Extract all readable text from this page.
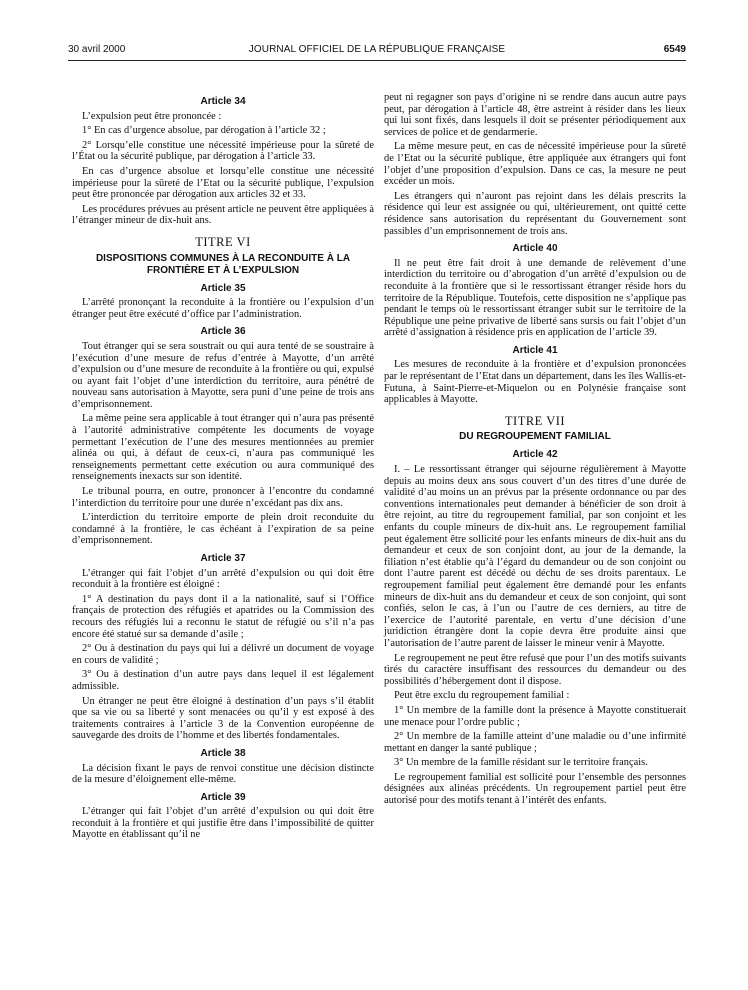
30 avril 2000	JOURNAL OFFICIEL DE LA RÉPUBLIQUE FRANÇAISE	6549
Article 34

L’expulsion peut être prononcée :

1° En cas d’urgence absolue, par dérogation à l’article 32 ;

2° Lorsqu’elle constitue une nécessité impérieuse pour la sûreté de l’État ou la sécurité publique, par dérogation à l’article 33.

En cas d’urgence absolue et lorsqu’elle constitue une nécessité impérieuse pour la sûreté de l’Etat ou la sécurité publique, l’expulsion peut être prononcée par dérogation aux articles 32 et 33.

Les procédures prévues au présent article ne peuvent être appliquées à l’étranger mineur de dix-huit ans.

TITRE VI
DISPOSITIONS COMMUNES À LA RECONDUITE À LA FRONTIÈRE ET À L’EXPULSION
Article 35

L’arrêté prononçant la reconduite à la frontière ou l’expulsion d’un étranger peut être exécuté d’office par l’administration.

Article 36

Tout étranger qui se sera soustrait ou qui aura tenté de se soustraire à l’exécution d’une mesure de refus d’entrée à Mayotte, d’un arrêté d’expulsion ou d’une mesure de reconduite à la frontière ou qui, expulsé ou ayant fait l’objet d’une interdiction du territoire, aura pénétré de nouveau sans autorisation à Mayotte, sera puni d’une peine de trois ans d’emprisonnement.

La même peine sera applicable à tout étranger qui n’aura pas présenté à l’autorité administrative compétente les documents de voyage permettant l’exécution de l’une des mesures mentionnées au premier alinéa ou qui, à défaut de ceux-ci, n’aura pas communiqué les renseignements permettant cette exécution ou aura communiqué des renseignements inexacts sur son identité.

Le tribunal pourra, en outre, prononcer à l’encontre du condamné l’interdiction du territoire pour une durée n’excédant pas dix ans.

L’interdiction du territoire emporte de plein droit reconduite du condamné à la frontière, le cas échéant à l’expiration de sa peine d’emprisonnement.

Article 37

L’étranger qui fait l’objet d’un arrêté d’expulsion ou qui doit être reconduit à la frontière est éloigné :

1° A destination du pays dont il a la nationalité, sauf si l’Office français de protection des réfugiés et apatrides ou la Commission des recours des réfugiés lui a reconnu le statut de réfugié ou s’il n’a pas encore été statué sur sa demande d’asile ;

2° Ou à destination du pays qui lui a délivré un document de voyage en cours de validité ;

3° Ou à destination d’un autre pays dans lequel il est légalement admissible.

Un étranger ne peut être éloigné à destination d’un pays s’il établit que sa vie ou sa liberté y sont menacées ou qu’il y est exposé à des traitements contraires à l’article 3 de la Convention européenne de sauvegarde des droits de l’homme et des libertés fondamentales.

Article 38

La décision fixant le pays de renvoi constitue une décision distincte de la mesure d’éloignement elle-même.

Article 39

L’étranger qui fait l’objet d’un arrêté d’expulsion ou qui doit être reconduit à la frontière et qui justifie être dans l’impossibilité de quitter Mayotte en établissant qu’il ne

peut ni regagner son pays d’origine ni se rendre dans aucun autre pays peut, par dérogation à l’article 48, être astreint à résider dans les lieux qui lui sont fixés, dans lesquels il doit se présenter périodiquement aux services de police et de gendarmerie.

La même mesure peut, en cas de nécessité impérieuse pour la sûreté de l’Etat ou la sécurité publique, être appliquée aux étrangers qui font l’objet d’une proposition d’expulsion. Dans ce cas, la mesure ne peut excéder un mois.

Les étrangers qui n’auront pas rejoint dans les délais prescrits la résidence qui leur est assignée ou qui, ultérieurement, ont quitté cette résidence sans autorisation du représentant du Gouvernement sont passibles d’un emprisonnement de trois ans.

Article 40

Il ne peut être fait droit à une demande de relèvement d’une interdiction du territoire ou d’abrogation d’un arrêté d’expulsion ou de reconduite à la frontière que si le ressortissant étranger réside hors du territoire de la République. Toutefois, cette disposition ne s’applique pas pendant le temps où le ressortissant étranger subit sur le territoire de la République une peine privative de liberté sans sursis ou fait l’objet d’un arrêté d’assignation à résidence pris en application de l’article 39.

Article 41

Les mesures de reconduite à la frontière et d’expulsion prononcées par le représentant de l’Etat dans un département, dans les îles Wallis-et-Futuna, à Saint-Pierre-et-Miquelon ou en Polynésie française sont applicables à Mayotte.

TITRE VII
DU REGROUPEMENT FAMILIAL
Article 42

I. – Le ressortissant étranger qui séjourne régulièrement à Mayotte depuis au moins deux ans sous couvert d’un des titres d’une durée de validité d’au moins un an prévus par la présente ordonnance ou par des conventions internationales peut demander à bénéficier de son droit à être rejoint, au titre du regroupement familial, par son conjoint et les enfants du couple mineurs de dix-huit ans. Le regroupement familial peut également être sollicité pour les enfants mineurs de dix-huit ans du demandeur et ceux de son conjoint dont, au jour de la demande, la filiation n’est établie qu’à l’égard du demandeur ou de son conjoint ou dont l’autre parent est décédé ou déchu de ses droits parentaux. Le regroupement familial peut également être demandé pour les enfants mineurs de dix-huit ans du demandeur et ceux de son conjoint, qui sont confiés, selon le cas, à l’un ou l’autre de ces derniers, au titre de l’exercice de l’autorité parentale, en vertu d’une décision d’une juridiction étrangère dont la copie devra être produite ainsi que l’autorisation de l’autre parent de laisser le mineur venir à Mayotte.

Le regroupement ne peut être refusé que pour l’un des motifs suivants tirés du caractère insuffisant des ressources du demandeur ou des possibilités d’hébergement dont il dispose.

Peut être exclu du regroupement familial :

1° Un membre de la famille dont la présence à Mayotte constituerait une menace pour l’ordre public ;

2° Un membre de la famille atteint d’une maladie ou d’une infirmité mettant en danger la santé publique ;

3° Un membre de la famille résidant sur le territoire français.

Le regroupement familial est sollicité pour l’ensemble des personnes désignées aux alinéas précédents. Un regroupement partiel peut être autorisé pour des motifs tenant à l’intérêt des enfants.
